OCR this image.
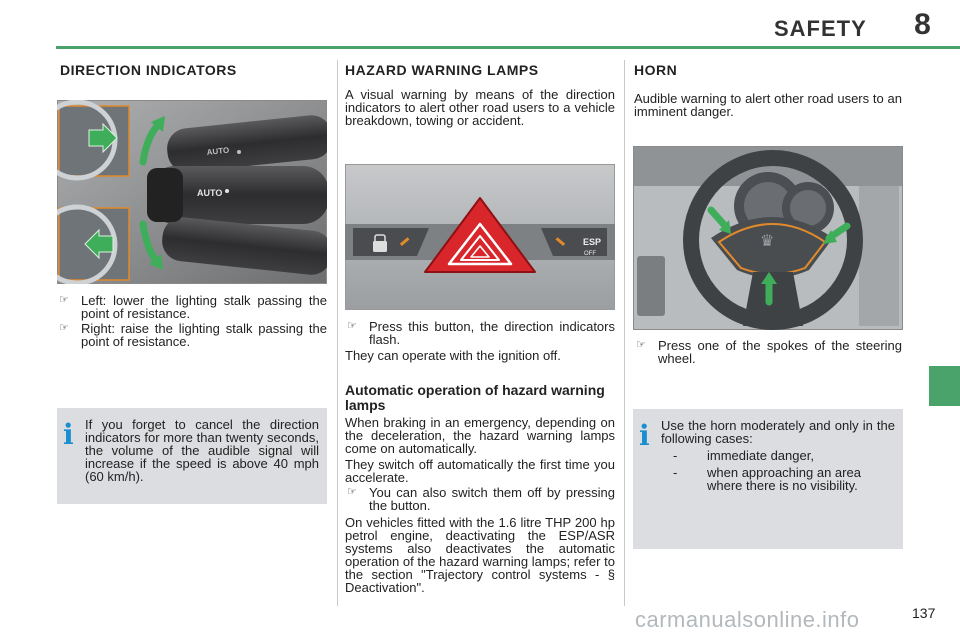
SAFETY	8
DIRECTION INDICATORS
AUTO
AUTO
☞ Left: lower the lighting stalk passing the point of resistance.
☞ Right: raise the lighting stalk passing the point of resistance.
i If you forget to cancel the direction indicators for more than twenty seconds, the volume of the audible signal will increase if the speed is above 40 mph (60 km/h).
HAZARD WARNING LAMPS
A visual warning by means of the direction indicators to alert other road users to a vehicle breakdown, towing or accident.
ESP
OFF
☞ Press this button, the direction indicators flash.
They can operate with the ignition off.
Automatic operation of hazard warning lamps
When braking in an emergency, depending on the deceleration, the hazard warning lamps come on automatically.
They switch off automatically the first time you accelerate.
☞ You can also switch them off by pressing the button.
On vehicles fitted with the 1.6 litre THP 200 hp petrol engine, deactivating the ESP/ASR systems also deactivates the automatic operation of the hazard warning lamps; refer to the section "Trajectory control systems - § Deactivation".
HORN
Audible warning to alert other road users to an imminent danger.
♛
☞ Press one of the spokes of the steering wheel.
i Use the horn moderately and only in the following cases:
- immediate danger,
- when approaching an area where there is no visibility.
carmanualsonline.info	137
